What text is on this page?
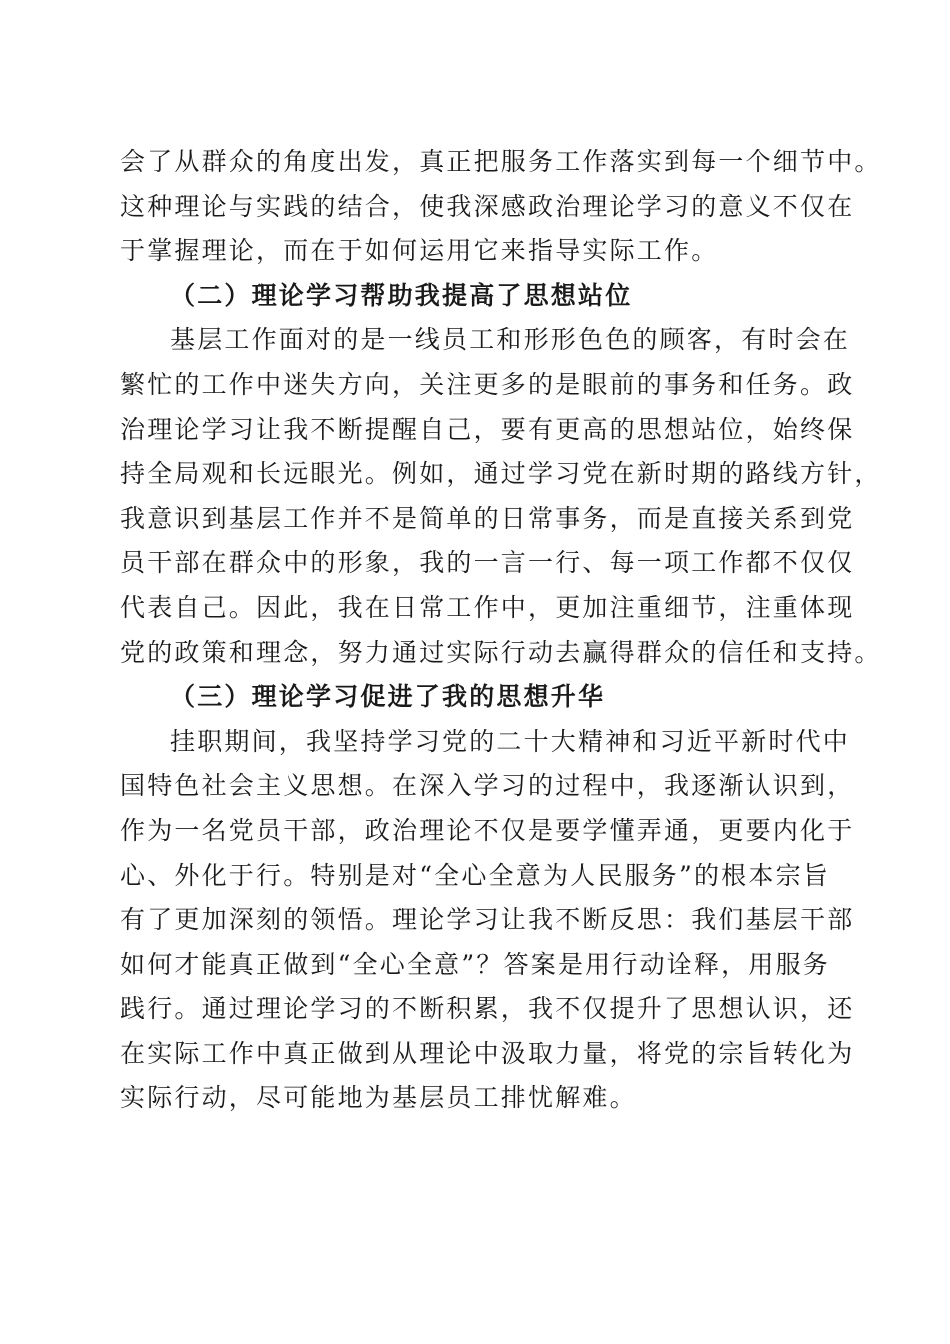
会了从群众的角度出发，真正把服务工作落实到每一个细节中。
这种理论与实践的结合，使我深感政治理论学习的意义不仅在
于掌握理论，而在于如何运用它来指导实际工作。
（二）理论学习帮助我提高了思想站位
基层工作面对的是一线员工和形形色色的顾客，有时会在
繁忙的工作中迷失方向，关注更多的是眼前的事务和任务。政
治理论学习让我不断提醒自己，要有更高的思想站位，始终保
持全局观和长远眼光。例如，通过学习党在新时期的路线方针，
我意识到基层工作并不是简单的日常事务，而是直接关系到党
员干部在群众中的形象，我的一言一行、每一项工作都不仅仅
代表自己。因此，我在日常工作中，更加注重细节，注重体现
党的政策和理念，努力通过实际行动去赢得群众的信任和支持。
（三）理论学习促进了我的思想升华
挂职期间，我坚持学习党的二十大精神和习近平新时代中
国特色社会主义思想。在深入学习的过程中，我逐渐认识到，
作为一名党员干部，政治理论不仅是要学懂弄通，更要内化于
心、外化于行。特别是对“全心全意为人民服务”的根本宗旨
有了更加深刻的领悟。理论学习让我不断反思：我们基层干部
如何才能真正做到“全心全意”？答案是用行动诠释，用服务
践行。通过理论学习的不断积累，我不仅提升了思想认识，还
在实际工作中真正做到从理论中汲取力量，将党的宗旨转化为
实际行动，尽可能地为基层员工排忧解难。
